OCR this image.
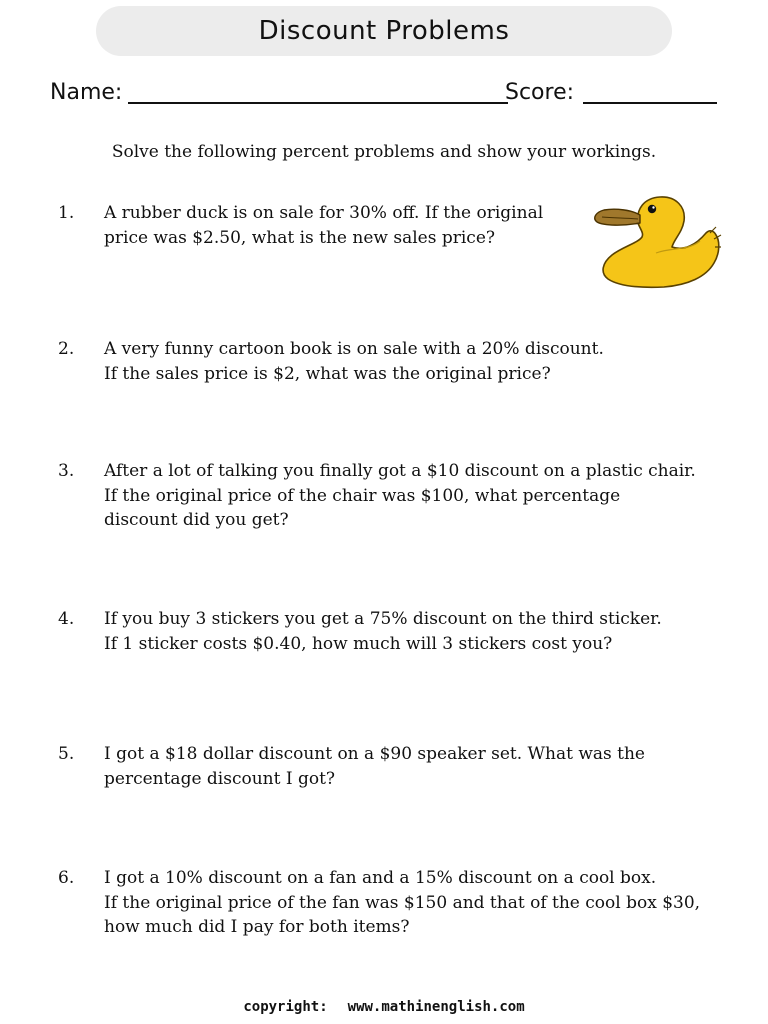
Discount Problems
Name:	Score:
Solve the following percent problems and show your workings.
1. A rubber duck is on sale for 30% off. If the original
price was $2.50, what is the new sales price?
2. A very funny cartoon book is on sale with a 20% discount.
If the sales price is $2, what was the original price?
3. After a lot of talking you finally got a $10 discount on a plastic chair.
If the original price of the chair was $100, what percentage
discount did you get?
4. If you buy 3 stickers you get a 75% discount on the third sticker.
If 1 sticker costs $0.40, how much will 3 stickers cost you?
5. I got a $18 dollar discount on a $90 speaker set. What was the
percentage discount I got?
6. I got a 10% discount on a fan and a 15% discount on a cool box.
If the original price of the fan was $150 and that of the cool box $30,
how much did I pay for both items?
copyright: www.mathinenglish.com
